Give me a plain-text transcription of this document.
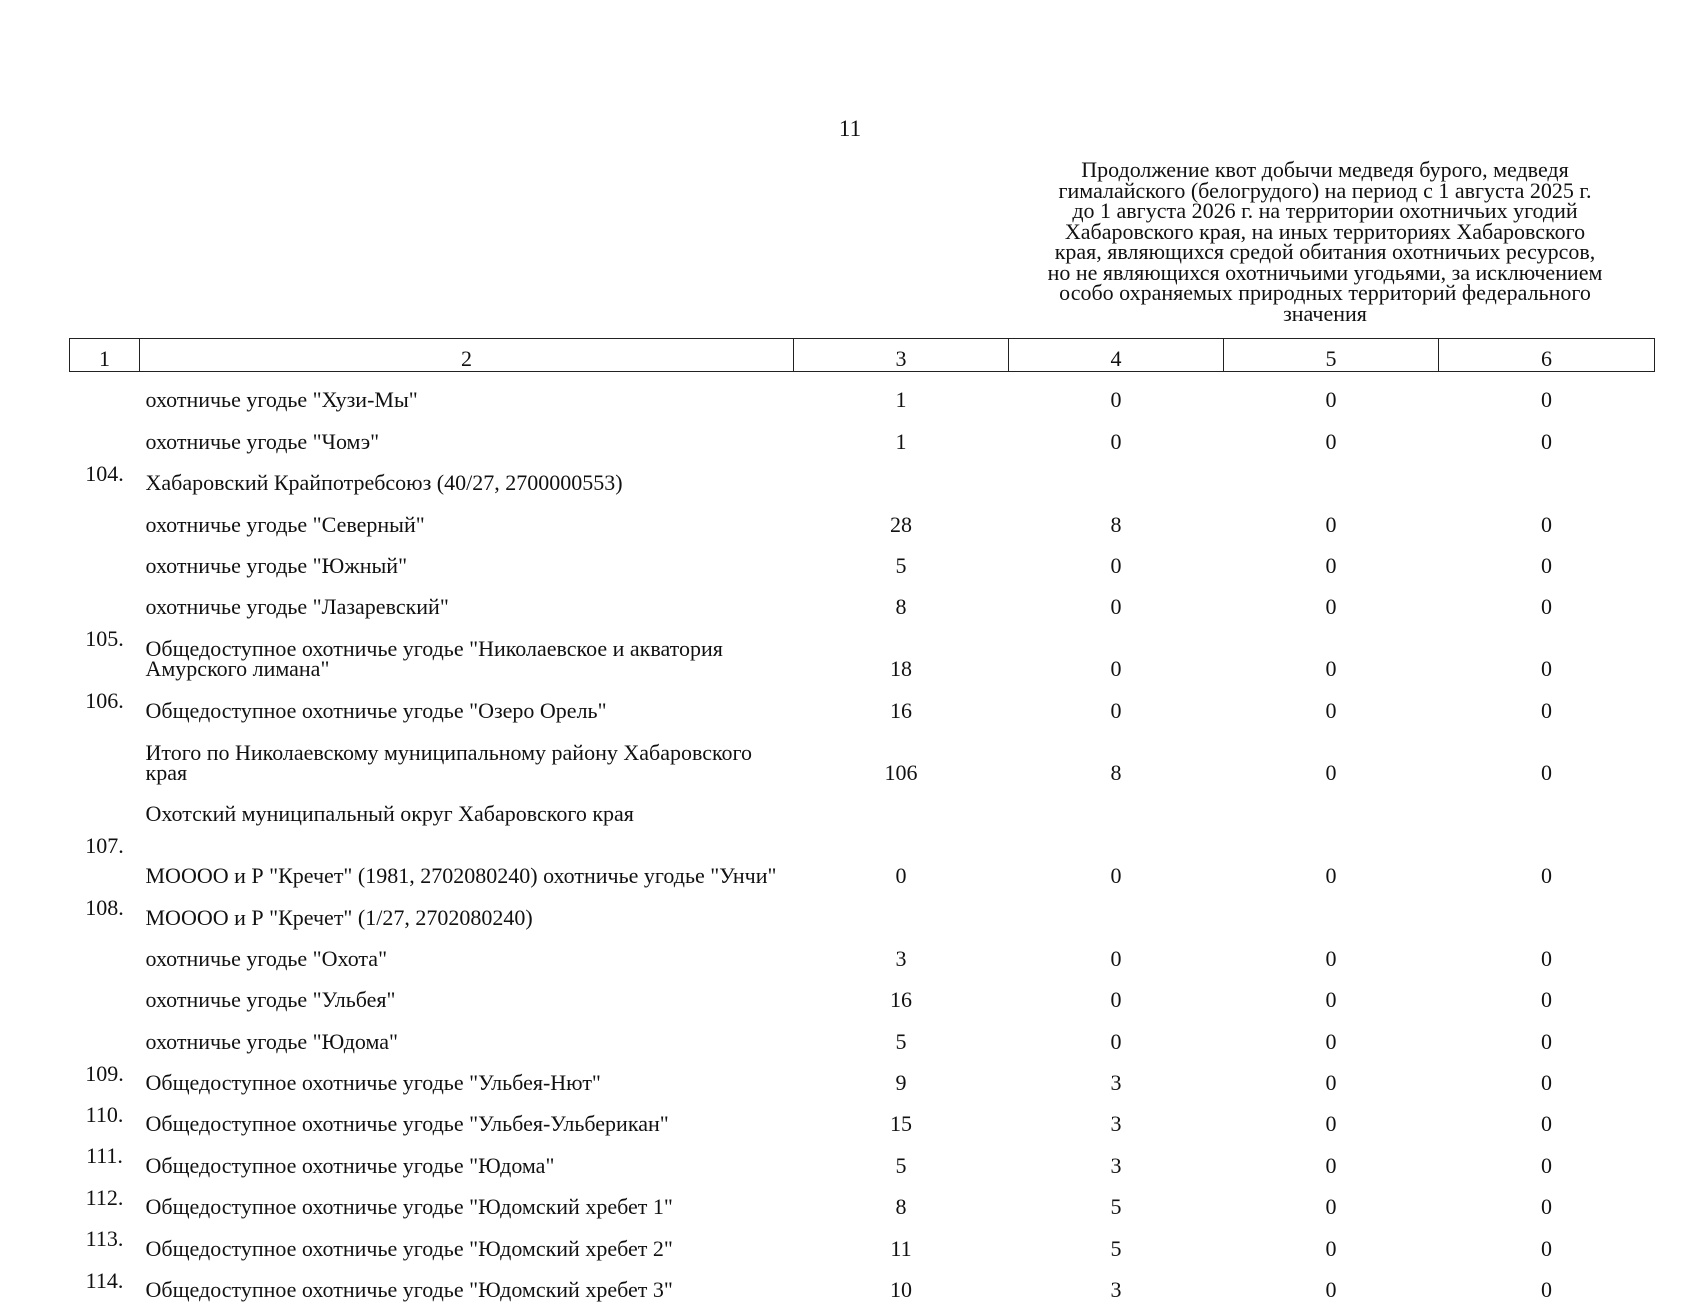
11
Продолжение квот добычи медведя бурого, медведя
гималайского (белогрудого) на период с 1 августа 2025 г.
до 1 августа 2026 г. на территории охотничьих угодий
Хабаровского края, на иных территориях Хабаровского
края, являющихся средой обитания охотничьих ресурсов,
но не являющихся охотничьими угодьями, за исключением
особо охраняемых природных территорий федерального
значения
1	2	3	4	5	6
	охотничье угодье "Хузи-Мы"	1	0	0	0
	охотничье угодье "Чомэ"	1	0	0	0
104.	Хабаровский Крайпотребсоюз (40/27, 2700000553)				
	охотничье угодье "Северный"	28	8	0	0
	охотничье угодье "Южный"	5	0	0	0
	охотничье угодье "Лазаревский"	8	0	0	0
105.	Общедоступное охотничье угодье "Николаевское и акватория Амурского лимана"	18	0	0	0
106.	Общедоступное охотничье угодье "Озеро Орель"	16	0	0	0
	Итого по Николаевскому муниципальному району Хабаровского края	106	8	0	0
	Охотский муниципальный округ Хабаровского края				
107.	МОООО и Р "Кречет" (1981, 2702080240) охотничье угодье "Унчи"	0	0	0	0
108.	МОООО и Р "Кречет" (1/27, 2702080240)				
	охотничье угодье "Охота"	3	0	0	0
	охотничье угодье "Ульбея"	16	0	0	0
	охотничье угодье "Юдома"	5	0	0	0
109.	Общедоступное охотничье угодье "Ульбея-Нют"	9	3	0	0
110.	Общедоступное охотничье угодье "Ульбея-Ульберикан"	15	3	0	0
111.	Общедоступное охотничье угодье "Юдома"	5	3	0	0
112.	Общедоступное охотничье угодье "Юдомский хребет 1"	8	5	0	0
113.	Общедоступное охотничье угодье "Юдомский хребет 2"	11	5	0	0
114.	Общедоступное охотничье угодье "Юдомский хребет 3"	10	3	0	0
